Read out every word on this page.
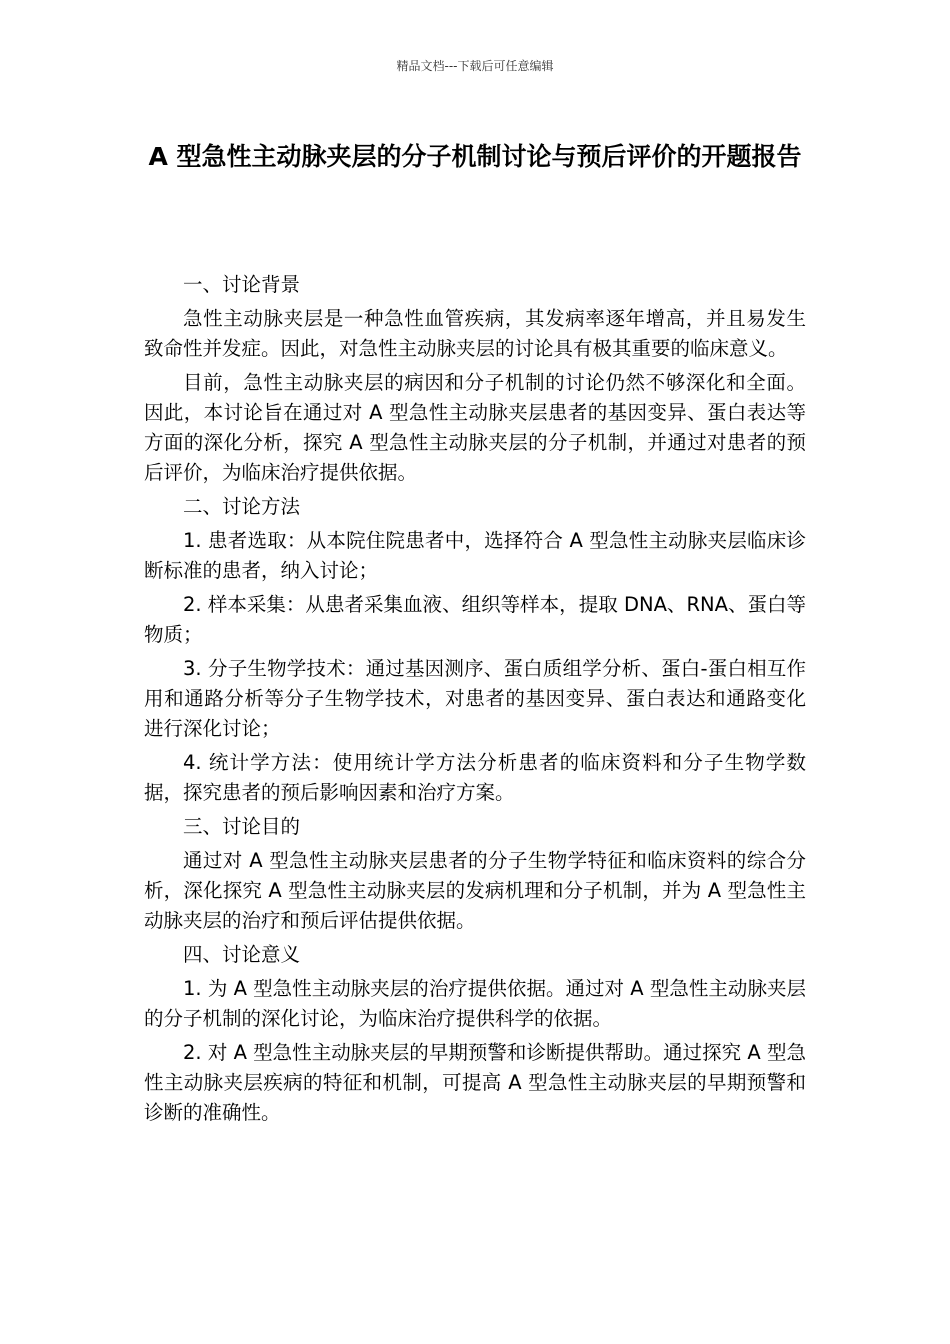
精品文档---下载后可任意编辑
A 型急性主动脉夹层的分子机制讨论与预后评价的开题报告

一、讨论背景

急性主动脉夹层是一种急性血管疾病，其发病率逐年增高，并且易发生致命性并发症。因此，对急性主动脉夹层的讨论具有极其重要的临床意义。

目前，急性主动脉夹层的病因和分子机制的讨论仍然不够深化和全面。因此，本讨论旨在通过对 A 型急性主动脉夹层患者的基因变异、蛋白表达等方面的深化分析，探究 A 型急性主动脉夹层的分子机制，并通过对患者的预后评价，为临床治疗提供依据。

二、讨论方法

1. 患者选取：从本院住院患者中，选择符合 A 型急性主动脉夹层临床诊断标准的患者，纳入讨论；

2. 样本采集：从患者采集血液、组织等样本，提取 DNA、RNA、蛋白等物质；

3. 分子生物学技术：通过基因测序、蛋白质组学分析、蛋白-蛋白相互作用和通路分析等分子生物学技术，对患者的基因变异、蛋白表达和通路变化进行深化讨论；

4. 统计学方法：使用统计学方法分析患者的临床资料和分子生物学数据，探究患者的预后影响因素和治疗方案。

三、讨论目的

通过对 A 型急性主动脉夹层患者的分子生物学特征和临床资料的综合分析，深化探究 A 型急性主动脉夹层的发病机理和分子机制，并为 A 型急性主动脉夹层的治疗和预后评估提供依据。

四、讨论意义

1. 为 A 型急性主动脉夹层的治疗提供依据。通过对 A 型急性主动脉夹层的分子机制的深化讨论，为临床治疗提供科学的依据。

2. 对 A 型急性主动脉夹层的早期预警和诊断提供帮助。通过探究 A 型急性主动脉夹层疾病的特征和机制，可提高 A 型急性主动脉夹层的早期预警和诊断的准确性。
